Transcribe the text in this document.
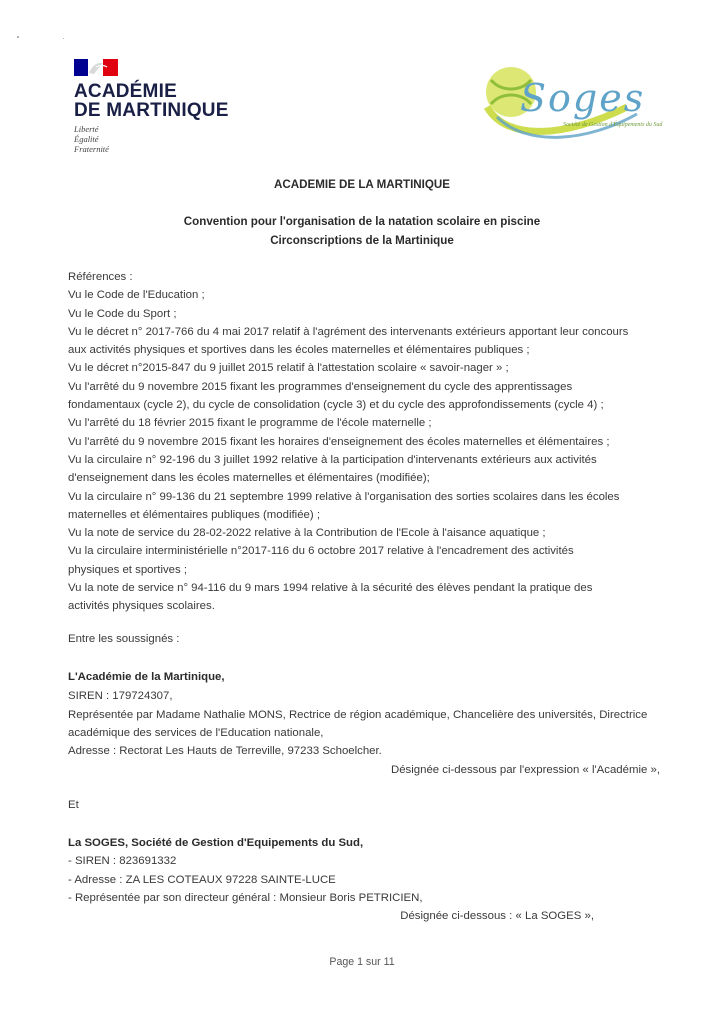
ACADÉMIE
DE MARTINIQUE
Liberté
Égalité
Fraternité
Soges
Société de Gestion d'Équipements du Sud
ACADEMIE DE LA MARTINIQUE
Convention pour l'organisation de la natation scolaire en piscine
Circonscriptions de la Martinique
Références :
Vu le Code de l'Education ;
Vu le Code du Sport ;
Vu le décret n° 2017-766 du 4 mai 2017 relatif à l'agrément des intervenants extérieurs apportant leur concours
aux activités physiques et sportives dans les écoles maternelles et élémentaires publiques ;
Vu le décret n°2015-847 du 9 juillet 2015 relatif à l'attestation scolaire « savoir-nager » ;
Vu l'arrêté du 9 novembre 2015 fixant les programmes d'enseignement du cycle des apprentissages
fondamentaux (cycle 2), du cycle de consolidation (cycle 3) et du cycle des approfondissements (cycle 4) ;
Vu l'arrêté du 18 février 2015 fixant le programme de l'école maternelle ;
Vu l'arrêté du 9 novembre 2015 fixant les horaires d'enseignement des écoles maternelles et élémentaires ;
Vu la circulaire n° 92-196 du 3 juillet 1992 relative à la participation d'intervenants extérieurs aux activités
d'enseignement dans les écoles maternelles et élémentaires (modifiée);
Vu la circulaire n° 99-136 du 21 septembre 1999 relative à l'organisation des sorties scolaires dans les écoles
maternelles et élémentaires publiques (modifiée) ;
Vu la note de service du 28-02-2022 relative à la Contribution de l'Ecole à l'aisance aquatique ;
Vu la circulaire interministérielle n°2017-116 du 6 octobre 2017 relative à l'encadrement des activités
physiques et sportives ;
Vu la note de service n° 94-116 du 9 mars 1994 relative à la sécurité des élèves pendant la pratique des
activités physiques scolaires.
Entre les soussignés :
L'Académie de la Martinique,
SIREN : 179724307,
Représentée par Madame Nathalie MONS, Rectrice de région académique, Chancelière des universités, Directrice
académique des services de l'Education nationale,
Adresse : Rectorat Les Hauts de Terreville, 97233 Schoelcher.
Désignée ci-dessous par l'expression « l'Académie »,
Et
La SOGES, Société de Gestion d'Equipements du Sud,
- SIREN : 823691332
- Adresse : ZA LES COTEAUX 97228 SAINTE-LUCE
- Représentée par son directeur général : Monsieur Boris PETRICIEN,
Désignée ci-dessous : « La SOGES »,
Page 1 sur 11
